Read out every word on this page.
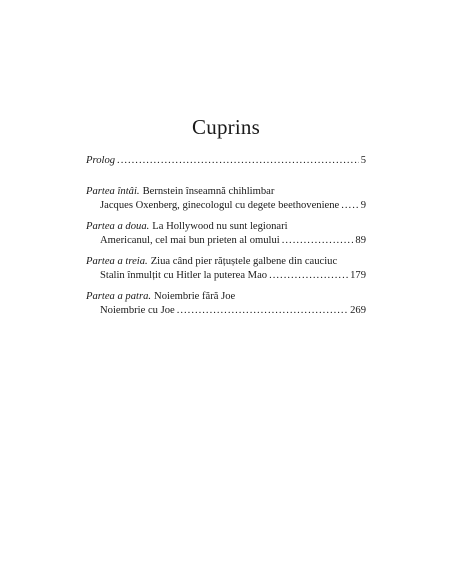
Cuprins
Prolog .....	5
Partea întâi. Bernstein înseamnă chihlimbar
Jacques Oxenberg, ginecologul cu degete beethoveniene ..... 9
Partea a doua. La Hollywood nu sunt legionari
Americanul, cel mai bun prieten al omului .....	89
Partea a treia. Ziua când pier rățuștele galbene din cauciuc
Stalin înmulțit cu Hitler la puterea Mao .....	179
Partea a patra. Noiembrie fără Joe
Noiembrie cu Joe .....	269
